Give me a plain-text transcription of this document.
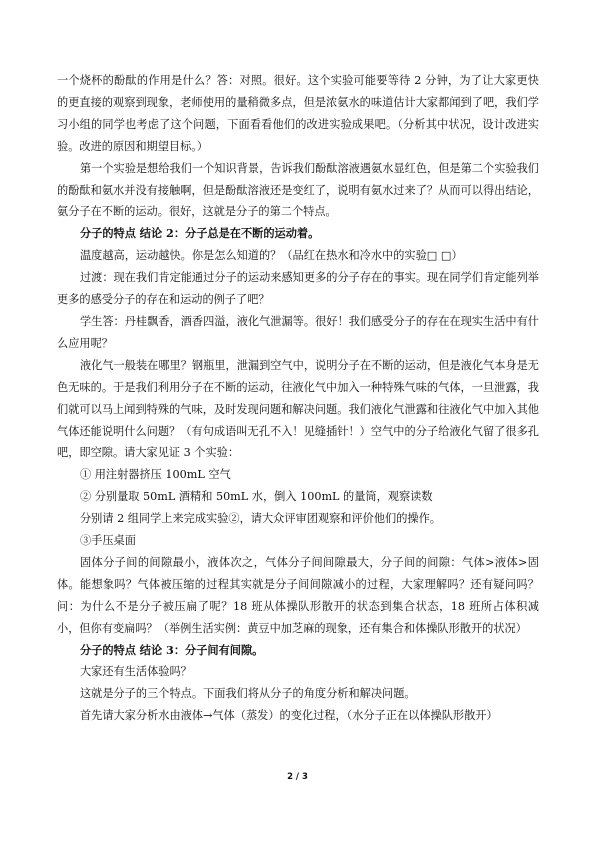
一个烧杯的酚酞的作用是什么？答：对照。很好。这个实验可能要等待 2 分钟，为了让大家更快的更直接的观察到现象，老师使用的量稍微多点，但是浓氨水的味道估计大家都闻到了吧，我们学习小组的同学也考虑了这个问题，下面看看他们的改进实验成果吧。（分析其中状况，设计改进实验。改进的原因和期望目标。）

第一个实验是想给我们一个知识背景，告诉我们酚酞溶液遇氨水显红色，但是第二个实验我们的酚酞和氨水并没有接触啊，但是酚酞溶液还是变红了，说明有氨水过来了？从而可以得出结论，氨分子在不断的运动。很好，这就是分子的第二个特点。

分子的特点 结论 2：分子总是在不断的运动着。

温度越高，运动越快。你是怎么知道的？（品红在热水和冷水中的实验□ □）

过渡：现在我们肯定能通过分子的运动来感知更多的分子存在的事实。现在同学们肯定能列举更多的感受分子的存在和运动的例子了吧？

学生答：丹桂飘香，酒香四溢，液化气泄漏等。很好！我们感受分子的存在在现实生活中有什么应用呢？

液化气一般装在哪里？钢瓶里，泄漏到空气中，说明分子在不断的运动，但是液化气本身是无色无味的。于是我们利用分子在不断的运动，往液化气中加入一种特殊气味的气体，一旦泄露，我们就可以马上闻到特殊的气味，及时发现问题和解决问题。我们液化气泄露和往液化气中加入其他气体还能说明什么问题？（有句成语叫无孔不入！见缝插针！）空气中的分子给液化气留了很多孔吧，即空隙。请大家见证 3 个实验：

① 用注射器挤压 100mL 空气

② 分别量取 50mL 酒精和 50mL 水，倒入 100mL 的量筒，观察读数

分别请 2 组同学上来完成实验②，请大众评审团观察和评价他们的操作。

③手压桌面

固体分子间的间隙最小，液体次之，气体分子间间隙最大，分子间的间隙：气体>液体>固体。能想象吗？气体被压缩的过程其实就是分子间间隙减小的过程，大家理解吗？还有疑问吗？问：为什么不是分子被压扁了呢？18 班从体操队形散开的状态到集合状态，18 班所占体积减小，但你有变扁吗？（举例生活实例：黄豆中加芝麻的现象，还有集合和体操队形散开的状况）

分子的特点 结论 3：分子间有间隙。

大家还有生活体验吗？

这就是分子的三个特点。下面我们将从分子的角度分析和解决问题。

首先请大家分析水由液体→气体（蒸发）的变化过程，（水分子正在以体操队形散开）

2 / 3
